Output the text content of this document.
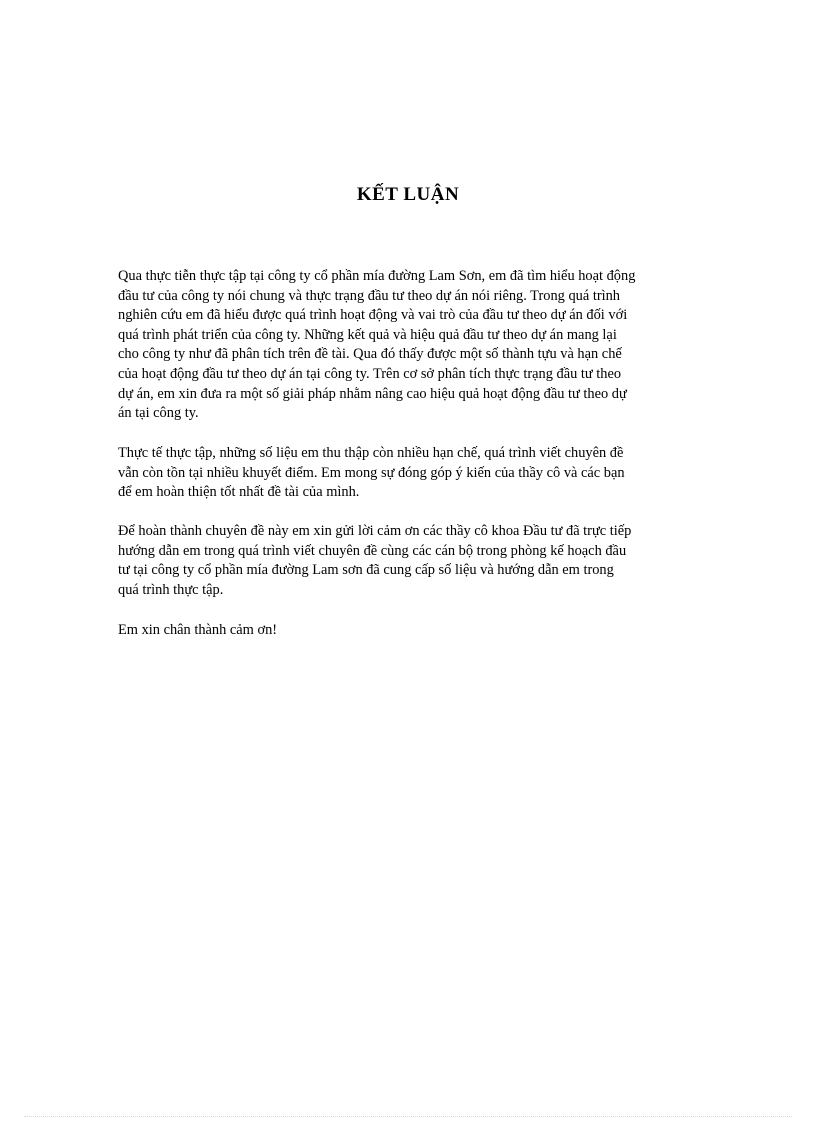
KẾT LUẬN

Qua thực tiễn thực tập tại công ty cổ phần mía đường Lam Sơn, em đã tìm hiểu hoạt động
đầu tư của công ty nói chung và thực trạng đầu tư theo dự án nói riêng. Trong quá trình
nghiên cứu em đã hiểu được quá trình hoạt động và vai trò của đầu tư theo dự án đối với
quá trình phát triển của công ty. Những kết quả và hiệu quả đầu tư theo dự án mang lại
cho công ty như đã phân tích trên đề tài. Qua đó thấy được một số thành tựu và hạn chế
của hoạt động đầu tư theo dự án tại công ty. Trên cơ sở phân tích thực trạng đầu tư theo
dự án, em xin đưa ra một số giải pháp nhằm nâng cao hiệu quả hoạt động đầu tư theo dự
án tại công ty.

Thực tế thực tập, những số liệu em thu thập còn nhiều hạn chế, quá trình viết chuyên đề
vẫn còn tồn tại nhiều khuyết điểm. Em mong sự đóng góp ý kiến của thầy cô và các bạn
để em hoàn thiện tốt nhất đề tài của mình.

Để hoàn thành chuyên đề này em xin gửi lời cảm ơn các thầy cô khoa Đầu tư đã trực tiếp
hướng dẫn em trong quá trình viết chuyên đề cùng các cán bộ trong phòng kế hoạch đầu
tư tại công ty cổ phần mía đường Lam sơn đã cung cấp số liệu và hướng dẫn em trong
quá trình thực tập.

Em xin chân thành cảm ơn!
